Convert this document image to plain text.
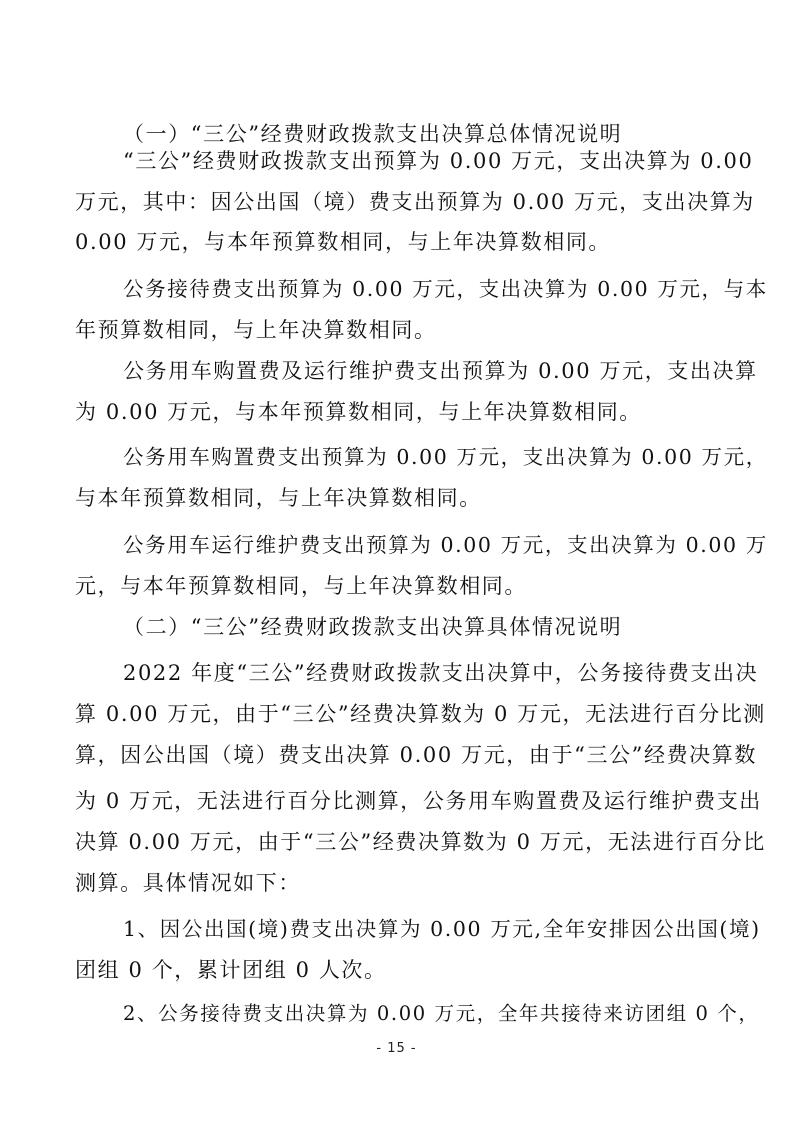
（一）“三公”经费财政拨款支出决算总体情况说明
“三公”经费财政拨款支出预算为 0.00 万元，支出决算为 0.00
万元，其中：因公出国（境）费支出预算为 0.00 万元，支出决算为
0.00 万元，与本年预算数相同，与上年决算数相同。
公务接待费支出预算为 0.00 万元，支出决算为 0.00 万元，与本
年预算数相同，与上年决算数相同。
公务用车购置费及运行维护费支出预算为 0.00 万元，支出决算
为 0.00 万元，与本年预算数相同，与上年决算数相同。
公务用车购置费支出预算为 0.00 万元，支出决算为 0.00 万元，
与本年预算数相同，与上年决算数相同。
公务用车运行维护费支出预算为 0.00 万元，支出决算为 0.00 万
元，与本年预算数相同，与上年决算数相同。
（二）“三公”经费财政拨款支出决算具体情况说明
2022 年度“三公”经费财政拨款支出决算中，公务接待费支出决
算 0.00 万元，由于“三公”经费决算数为 0 万元，无法进行百分比测
算，因公出国（境）费支出决算 0.00 万元，由于“三公”经费决算数
为 0 万元，无法进行百分比测算，公务用车购置费及运行维护费支出
决算 0.00 万元，由于“三公”经费决算数为 0 万元，无法进行百分比
测算。具体情况如下：
1、因公出国(境)费支出决算为 0.00 万元,全年安排因公出国(境)
团组 0 个，累计团组 0 人次。
2、公务接待费支出决算为 0.00 万元，全年共接待来访团组 0 个，
- 15 -
